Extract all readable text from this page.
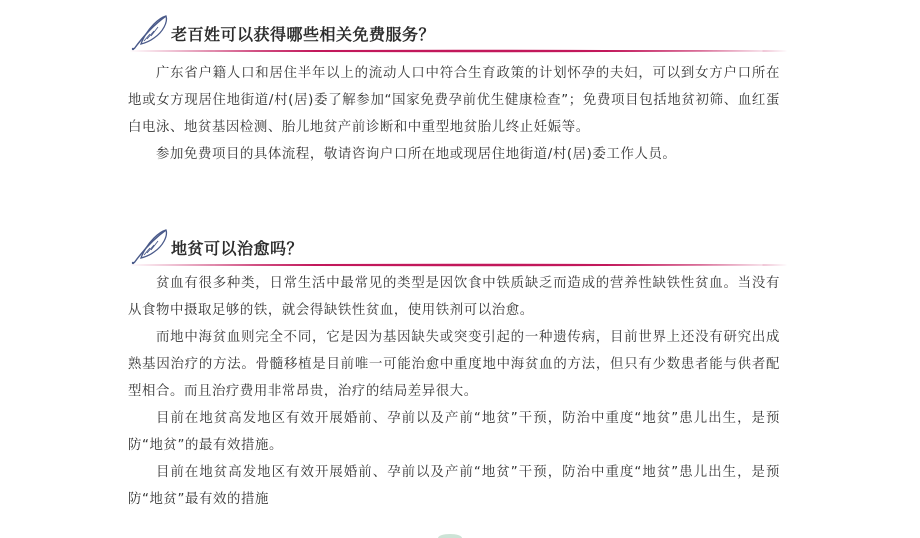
老百姓可以获得哪些相关免费服务？

广东省户籍人口和居住半年以上的流动人口中符合生育政策的计划怀孕的夫妇，可以到女方户口所在地或女方现居住地街道/村(居)委了解参加“国家免费孕前优生健康检查”；免费项目包括地贫初筛、血红蛋白电泳、地贫基因检测、胎儿地贫产前诊断和中重型地贫胎儿终止妊娠等。

参加免费项目的具体流程，敬请咨询户口所在地或现居住地街道/村(居)委工作人员。

地贫可以治愈吗？

贫血有很多种类，日常生活中最常见的类型是因饮食中铁质缺乏而造成的营养性缺铁性贫血。当没有从食物中摄取足够的铁，就会得缺铁性贫血，使用铁剂可以治愈。

而地中海贫血则完全不同，它是因为基因缺失或突变引起的一种遗传病，目前世界上还没有研究出成熟基因治疗的方法。骨髓移植是目前唯一可能治愈中重度地中海贫血的方法，但只有少数患者能与供者配型相合。而且治疗费用非常昂贵，治疗的结局差异很大。

目前在地贫高发地区有效开展婚前、孕前以及产前“地贫”干预，防治中重度“地贫”患儿出生，是预防“地贫”的最有效措施。

目前在地贫高发地区有效开展婚前、孕前以及产前“地贫”干预，防治中重度“地贫”患儿出生，是预防“地贫”最有效的措施
